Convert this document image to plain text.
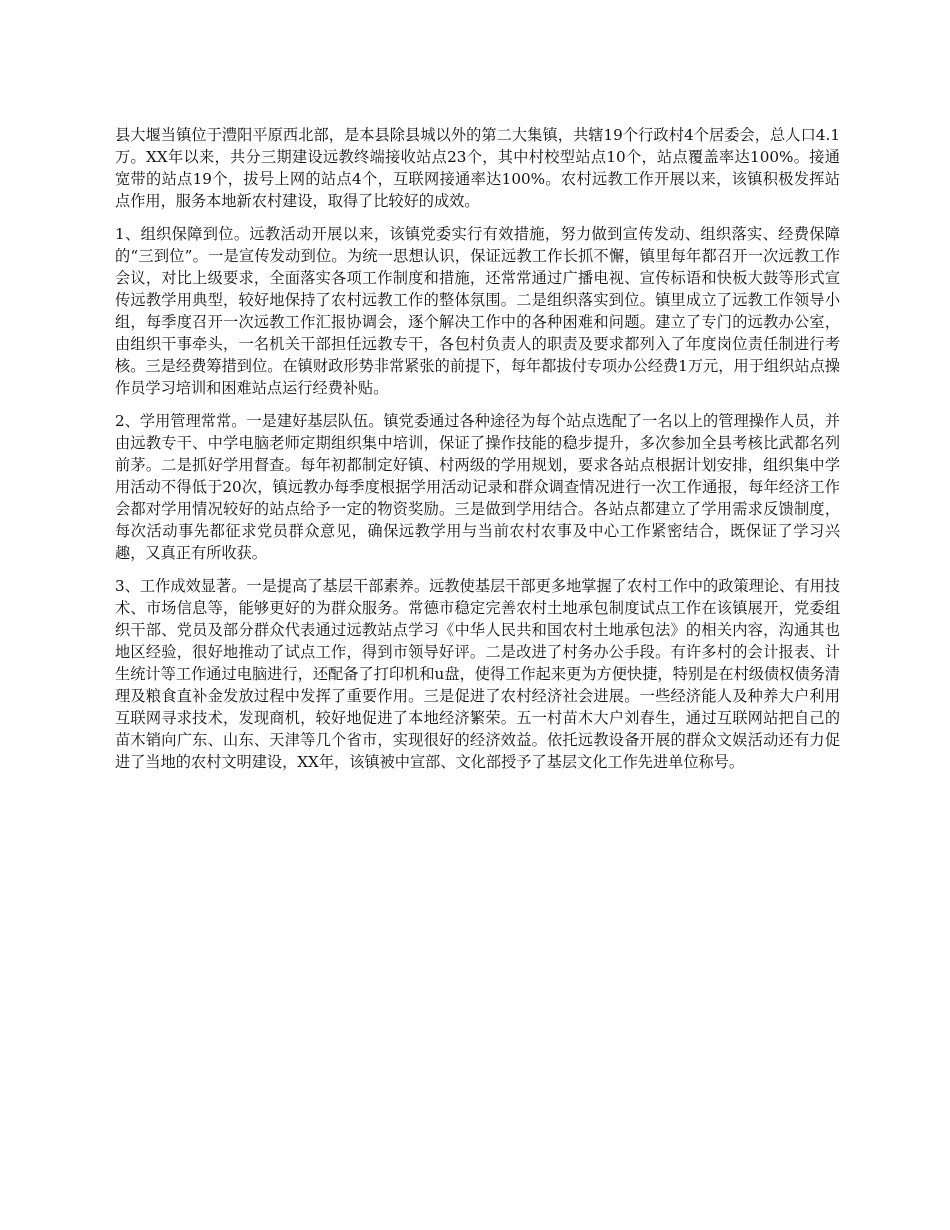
县大堰当镇位于澧阳平原西北部，是本县除县城以外的第二大集镇，共辖19个行政村4个居委会，总人口4.1万。XX年以来，共分三期建设远教终端接收站点23个，其中村校型站点10个，站点覆盖率达100%。接通宽带的站点19个，拔号上网的站点4个，互联网接通率达100%。农村远教工作开展以来，该镇积极发挥站点作用，服务本地新农村建设，取得了比较好的成效。

1、组织保障到位。远教活动开展以来，该镇党委实行有效措施，努力做到宣传发动、组织落实、经费保障的“三到位”。一是宣传发动到位。为统一思想认识，保证远教工作长抓不懈，镇里每年都召开一次远教工作会议，对比上级要求，全面落实各项工作制度和措施，还常常通过广播电视、宣传标语和快板大鼓等形式宣传远教学用典型，较好地保持了农村远教工作的整体氛围。二是组织落实到位。镇里成立了远教工作领导小组，每季度召开一次远教工作汇报协调会，逐个解决工作中的各种困难和问题。建立了专门的远教办公室，由组织干事牵头，一名机关干部担任远教专干，各包村负责人的职责及要求都列入了年度岗位责任制进行考核。三是经费筹措到位。在镇财政形势非常紧张的前提下，每年都拔付专项办公经费1万元，用于组织站点操作员学习培训和困难站点运行经费补贴。

2、学用管理常常。一是建好基层队伍。镇党委通过各种途径为每个站点选配了一名以上的管理操作人员，并由远教专干、中学电脑老师定期组织集中培训，保证了操作技能的稳步提升，多次参加全县考核比武都名列前茅。二是抓好学用督查。每年初都制定好镇、村两级的学用规划，要求各站点根据计划安排，组织集中学用活动不得低于20次，镇远教办每季度根据学用活动记录和群众调查情况进行一次工作通报，每年经济工作会都对学用情况较好的站点给予一定的物资奖励。三是做到学用结合。各站点都建立了学用需求反馈制度，每次活动事先都征求党员群众意见，确保远教学用与当前农村农事及中心工作紧密结合，既保证了学习兴趣，又真正有所收获。

3、工作成效显著。一是提高了基层干部素养。远教使基层干部更多地掌握了农村工作中的政策理论、有用技术、市场信息等，能够更好的为群众服务。常德市稳定完善农村土地承包制度试点工作在该镇展开，党委组织干部、党员及部分群众代表通过远教站点学习《中华人民共和国农村土地承包法》的相关内容，沟通其也地区经验，很好地推动了试点工作，得到市领导好评。二是改进了村务办公手段。有许多村的会计报表、计生统计等工作通过电脑进行，还配备了打印机和u盘，使得工作起来更为方便快捷，特别是在村级债权债务清理及粮食直补金发放过程中发挥了重要作用。三是促进了农村经济社会进展。一些经济能人及种养大户利用互联网寻求技术，发现商机，较好地促进了本地经济繁荣。五一村苗木大户刘春生，通过互联网站把自己的苗木销向广东、山东、天津等几个省市，实现很好的经济效益。依托远教设备开展的群众文娱活动还有力促进了当地的农村文明建设，XX年，该镇被中宣部、文化部授予了基层文化工作先进单位称号。
